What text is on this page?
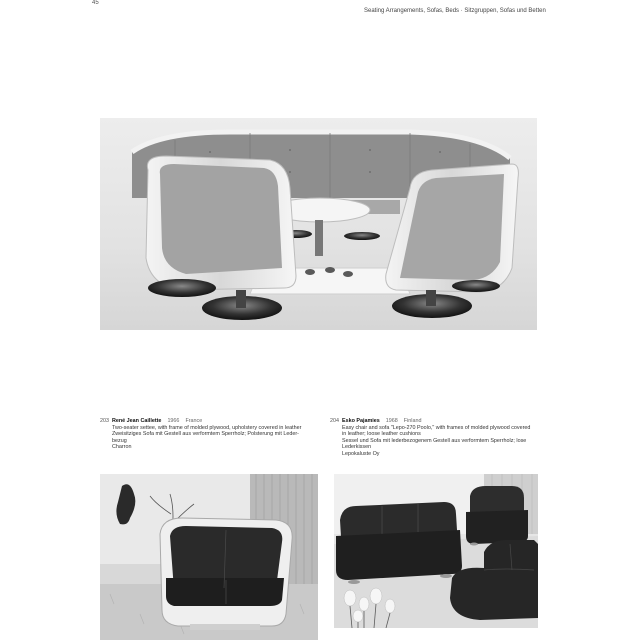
45
Seating Arrangements, Sofas, Beds · Sitzgruppen, Sofas und Betten
203 René Jean Caillette 1966 France
Two-seater settee, with frame of molded plywood, upholstery covered in leather
Zweisitziges Sofa mit Gestell aus verformtem Sperrholz; Polsterung mit Leder-
bezug
Charron
204 Esko Pajamies 1968 Finland
Easy chair and sofa "Lepo-270 Poolo," with frames of molded plywood covered
in leather; loose leather cushions
Sessel und Sofa mit lederbezogenem Gestell aus verformtem Sperrholz; lose
Lederkissen
Lepokaluste Oy
